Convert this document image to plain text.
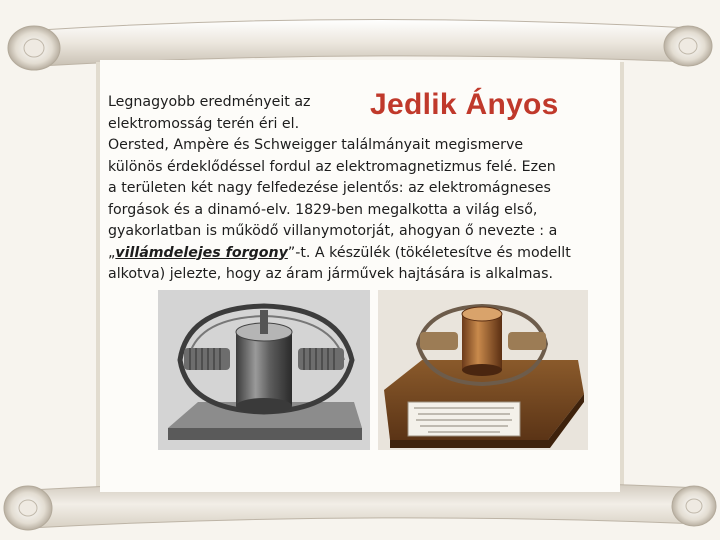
Jedlik Ányos
Legnagyobb eredményeit az
elektromosság terén éri el.
Oersted, Ampère és Schweigger találmányait megismerve
különös érdeklődéssel fordul az elektromagnetizmus felé. Ezen
a területen két nagy felfedezése jelentős: az elektromágneses
forgások és a dinamó-elv. 1829-ben megalkotta a világ első,
gyakorlatban is működő villanymotorját, ahogyan ő nevezte : a
„villámdelejes forgony”-t. A készülék (tökéletesítve és modellt
alkotva) jelezte, hogy az áram járművek hajtására is alkalmas.
